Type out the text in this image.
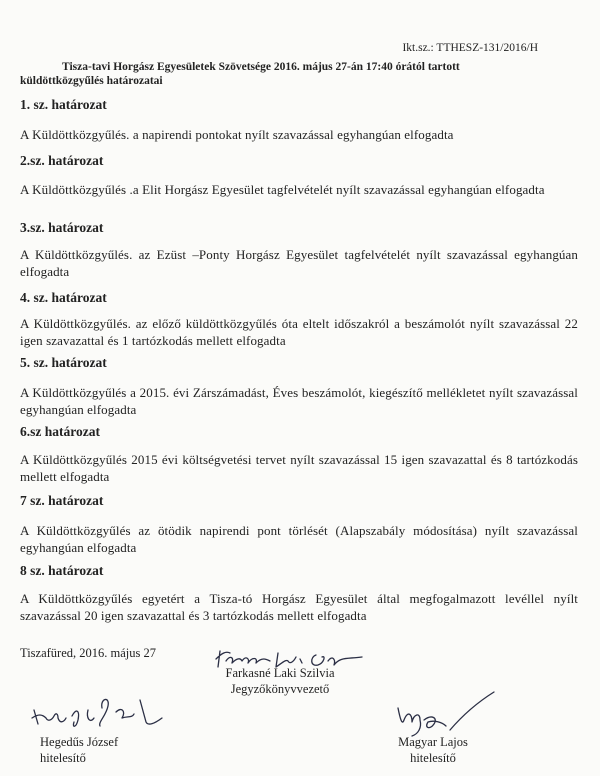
Ikt.sz.: TTHESZ-131/2016/H
Tisza-tavi Horgász Egyesületek Szövetsége 2016. május 27-án 17:40 órától tartott
küldöttközgyűlés határozatai
1. sz. határozat
A Küldöttközgyűlés. a napirendi pontokat nyílt szavazással egyhangúan elfogadta
2.sz. határozat
A Küldöttközgyűlés .a Elit Horgász Egyesület tagfelvételét nyílt szavazással egyhangúan elfogadta
3.sz. határozat
A Küldöttközgyűlés. az Ezüst –Ponty Horgász Egyesület tagfelvételét nyílt szavazással egyhangúan elfogadta
4. sz. határozat
A Küldöttközgyűlés. az előző küldöttközgyűlés óta eltelt időszakról a beszámolót nyílt szavazással 22 igen szavazattal és 1 tartózkodás mellett elfogadta
5. sz. határozat
A Küldöttközgyűlés a 2015. évi Zárszámadást, Éves beszámolót, kiegészítő mellékletet nyílt szavazással egyhangúan elfogadta
6.sz határozat
A Küldöttközgyűlés 2015 évi költségvetési tervet nyílt szavazással 15 igen szavazattal és 8 tartózkodás mellett elfogadta
7 sz. határozat
A Küldöttközgyűlés az ötödik napirendi pont törlését (Alapszabály módosítása) nyílt szavazással egyhangúan elfogadta
8 sz. határozat
A Küldöttközgyűlés egyetért a Tisza-tó Horgász Egyesület által megfogalmazott levéllel nyílt szavazással 20 igen szavazattal és 3 tartózkodás mellett elfogadta
Tiszafüred, 2016. május 27
Farkasné Laki Szilvia
Jegyzőkönyvvezető
Hegedűs József
hitelesítő
Magyar Lajos
hitelesítő
